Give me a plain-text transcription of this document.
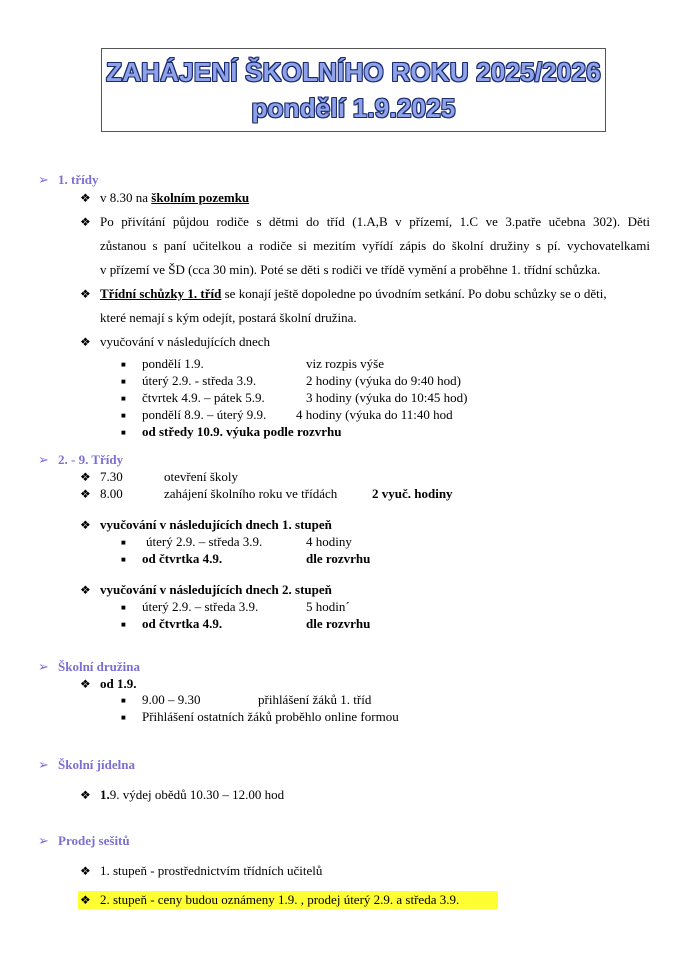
ZAHÁJENÍ ŠKOLNÍHO ROKU 2025/2026
pondělí 1.9.2025
➢ 1. třídy
❖ v 8.30 na školním pozemku
❖ Po přivítání půjdou rodiče s dětmi do tříd (1.A,B v přízemí, 1.C ve 3.patře učebna 302). Děti
zůstanou s paní učitelkou a rodiče si mezitím vyřídí zápis do školní družiny s pí. vychovatelkami
v přízemí ve ŠD (cca 30 min). Poté se děti s rodiči ve třídě vymění a proběhne 1. třídní schůzka.
❖ Třídní schůzky 1. tříd se konají ještě dopoledne po úvodním setkání. Po dobu schůzky se o děti,
které nemají s kým odejít, postará školní družina.
❖ vyučování v následujících dnech
■ pondělí 1.9.	viz rozpis výše
■ úterý 2.9. - středa 3.9.	2 hodiny (výuka do 9:40 hod)
■ čtvrtek 4.9. – pátek 5.9.	3 hodiny (výuka do 10:45 hod)
■ pondělí 8.9. – úterý 9.9. 4 hodiny (výuka do 11:40 hod
■ od středy 10.9. výuka podle rozvrhu
➢ 2. - 9. Třídy
❖ 7.30	otevření školy
❖ 8.00	zahájení školního roku ve třídách	2 vyuč. hodiny
❖ vyučování v následujících dnech 1. stupeň
■ úterý 2.9. – středa 3.9.	4 hodiny
■ od čtvrtka 4.9.	dle rozvrhu
❖ vyučování v následujících dnech 2. stupeň
■ úterý 2.9. – středa 3.9.	5 hodin´
■ od čtvrtka 4.9.	dle rozvrhu
➢ Školní družina
❖ od 1.9.
■ 9.00 – 9.30	přihlášení žáků 1. tříd
■ Přihlášení ostatních žáků proběhlo online formou
➢ Školní jídelna
❖ 1.9. výdej obědů 10.30 – 12.00 hod
➢ Prodej sešitů
❖ 1. stupeň - prostřednictvím třídních učitelů
❖ 2. stupeň - ceny budou oznámeny 1.9. , prodej úterý 2.9. a středa 3.9.
